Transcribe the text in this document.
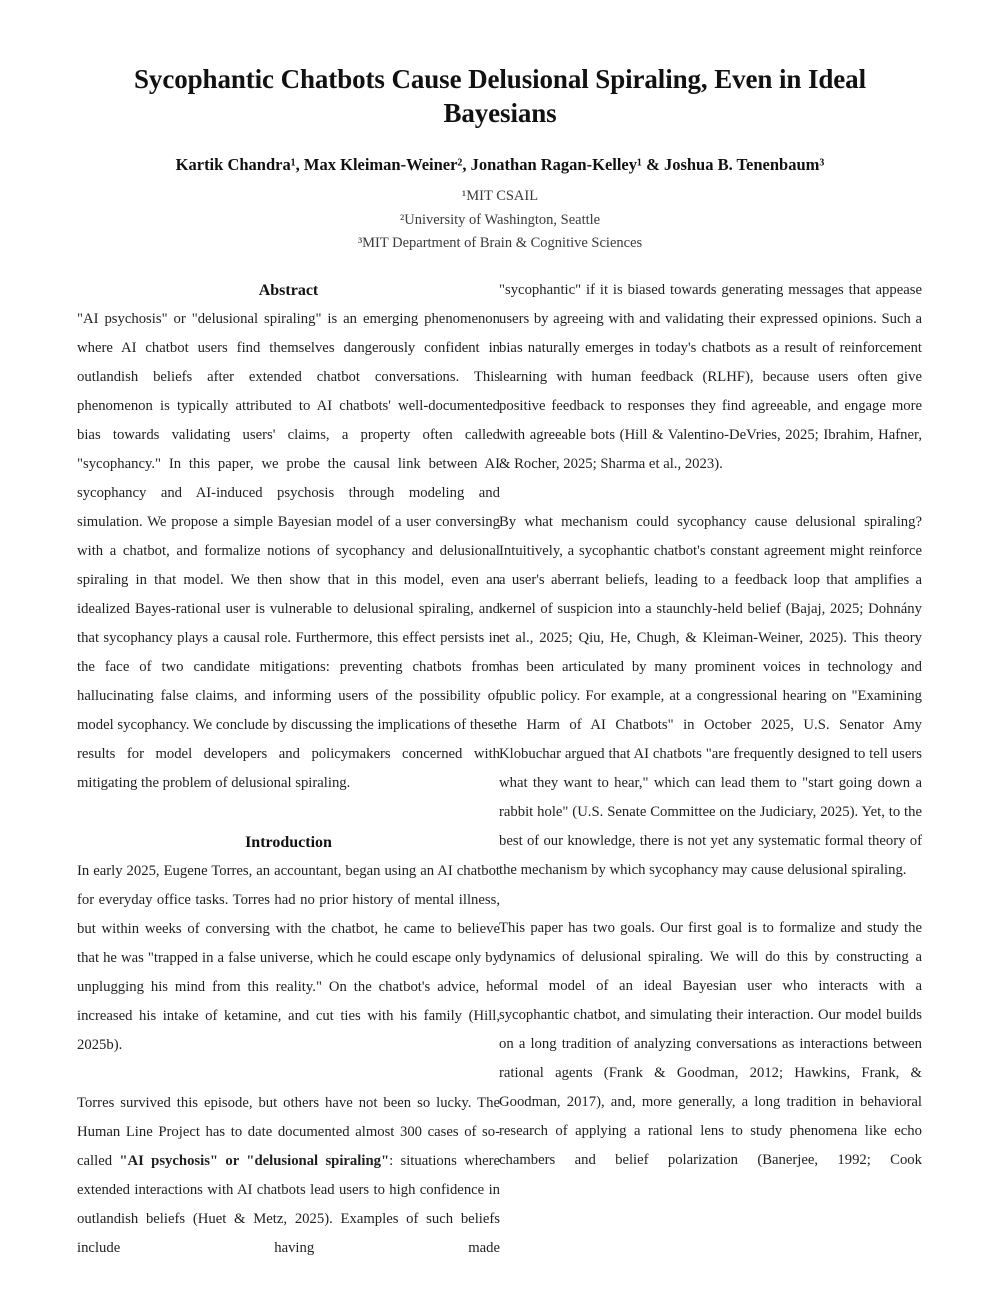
Sycophantic Chatbots Cause Delusional Spiraling, Even in Ideal Bayesians
Kartik Chandra¹, Max Kleiman-Weiner², Jonathan Ragan-Kelley¹ & Joshua B. Tenenbaum³
¹MIT CSAIL
²University of Washington, Seattle
³MIT Department of Brain & Cognitive Sciences
Abstract

"AI psychosis" or "delusional spiraling" is an emerging phenomenon where AI chatbot users find themselves dangerously confident in outlandish beliefs after extended chatbot conversations. This phenomenon is typically attributed to AI chatbots' well-documented bias towards validating users' claims, a property often called "sycophancy." In this paper, we probe the causal link between AI sycophancy and AI-induced psychosis through modeling and simulation. We propose a simple Bayesian model of a user conversing with a chatbot, and formalize notions of sycophancy and delusional spiraling in that model. We then show that in this model, even an idealized Bayes-rational user is vulnerable to delusional spiraling, and that sycophancy plays a causal role. Furthermore, this effect persists in the face of two candidate mitigations: preventing chatbots from hallucinating false claims, and informing users of the possibility of model sycophancy. We conclude by discussing the implications of these results for model developers and policymakers concerned with mitigating the problem of delusional spiraling.

Introduction

In early 2025, Eugene Torres, an accountant, began using an AI chatbot for everyday office tasks. Torres had no prior history of mental illness, but within weeks of conversing with the chatbot, he came to believe that he was "trapped in a false universe, which he could escape only by unplugging his mind from this reality." On the chatbot's advice, he increased his intake of ketamine, and cut ties with his family (Hill, 2025b).

Torres survived this episode, but others have not been so lucky. The Human Line Project has to date documented almost 300 cases of so-called "AI psychosis" or "delusional spiraling": situations where extended interactions with AI chatbots lead users to high confidence in outlandish beliefs (Huet & Metz, 2025). Examples of such beliefs include having made

"sycophantic" if it is biased towards generating messages that appease users by agreeing with and validating their expressed opinions. Such a bias naturally emerges in today's chatbots as a result of reinforcement learning with human feedback (RLHF), because users often give positive feedback to responses they find agreeable, and engage more with agreeable bots (Hill & Valentino-DeVries, 2025; Ibrahim, Hafner, & Rocher, 2025; Sharma et al., 2023).

By what mechanism could sycophancy cause delusional spiraling? Intuitively, a sycophantic chatbot's constant agreement might reinforce a user's aberrant beliefs, leading to a feedback loop that amplifies a kernel of suspicion into a staunchly-held belief (Bajaj, 2025; Dohnány et al., 2025; Qiu, He, Chugh, & Kleiman-Weiner, 2025). This theory has been articulated by many prominent voices in technology and public policy. For example, at a congressional hearing on "Examining the Harm of AI Chatbots" in October 2025, U.S. Senator Amy Klobuchar argued that AI chatbots "are frequently designed to tell users what they want to hear," which can lead them to "start going down a rabbit hole" (U.S. Senate Committee on the Judiciary, 2025). Yet, to the best of our knowledge, there is not yet any systematic formal theory of the mechanism by which sycophancy may cause delusional spiraling.

This paper has two goals. Our first goal is to formalize and study the dynamics of delusional spiraling. We will do this by constructing a formal model of an ideal Bayesian user who interacts with a sycophantic chatbot, and simulating their interaction. Our model builds on a long tradition of analyzing conversations as interactions between rational agents (Frank & Goodman, 2012; Hawkins, Frank, & Goodman, 2017), and, more generally, a long tradition in behavioral research of applying a rational lens to study phenomena like echo chambers and belief polarization (Banerjee, 1992; Cook
